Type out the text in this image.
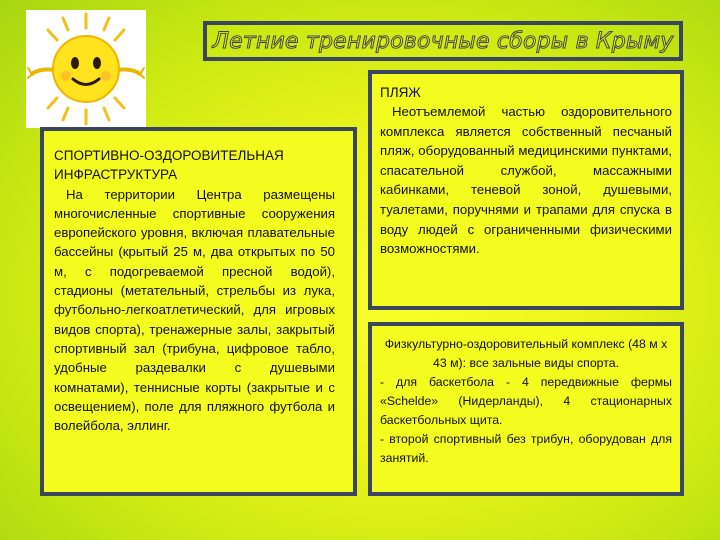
Летние тренировочные сборы в Крыму
СПОРТИВНО-ОЗДОРОВИТЕЛЬНАЯ
ИНФРАСТРУКТУРА

На территории Центра размещены многочисленные спортивные сооружения европейского уровня, включая плавательные бассейны (крытый 25 м, два открытых по 50 м, с подогреваемой пресной водой), стадионы (метательный, стрельбы из лука, футбольно-легкоатлетический, для игровых видов спорта), тренажерные залы, закрытый спортивный зал (трибуна, цифровое табло, удобные раздевалки с душевыми комнатами), теннисные корты (закрытые и с освещением), поле для пляжного футбола и волейбола, эллинг.

ПЛЯЖ

Неотъемлемой частью оздоровительного комплекса является собственный песчаный пляж, оборудованный медицинскими пунктами, спасательной службой, массажными кабинками, теневой зоной, душевыми, туалетами, поручнями и трапами для спуска в воду людей с ограниченными физическими возможностями.

Физкультурно-оздоровительный комплекс (48 м х 43 м): все зальные виды спорта.

- для баскетбола - 4 передвижные фермы «Schelde» (Нидерланды), 4 стационарных баскетбольных щита.

- второй спортивный без трибун, оборудован для занятий.
